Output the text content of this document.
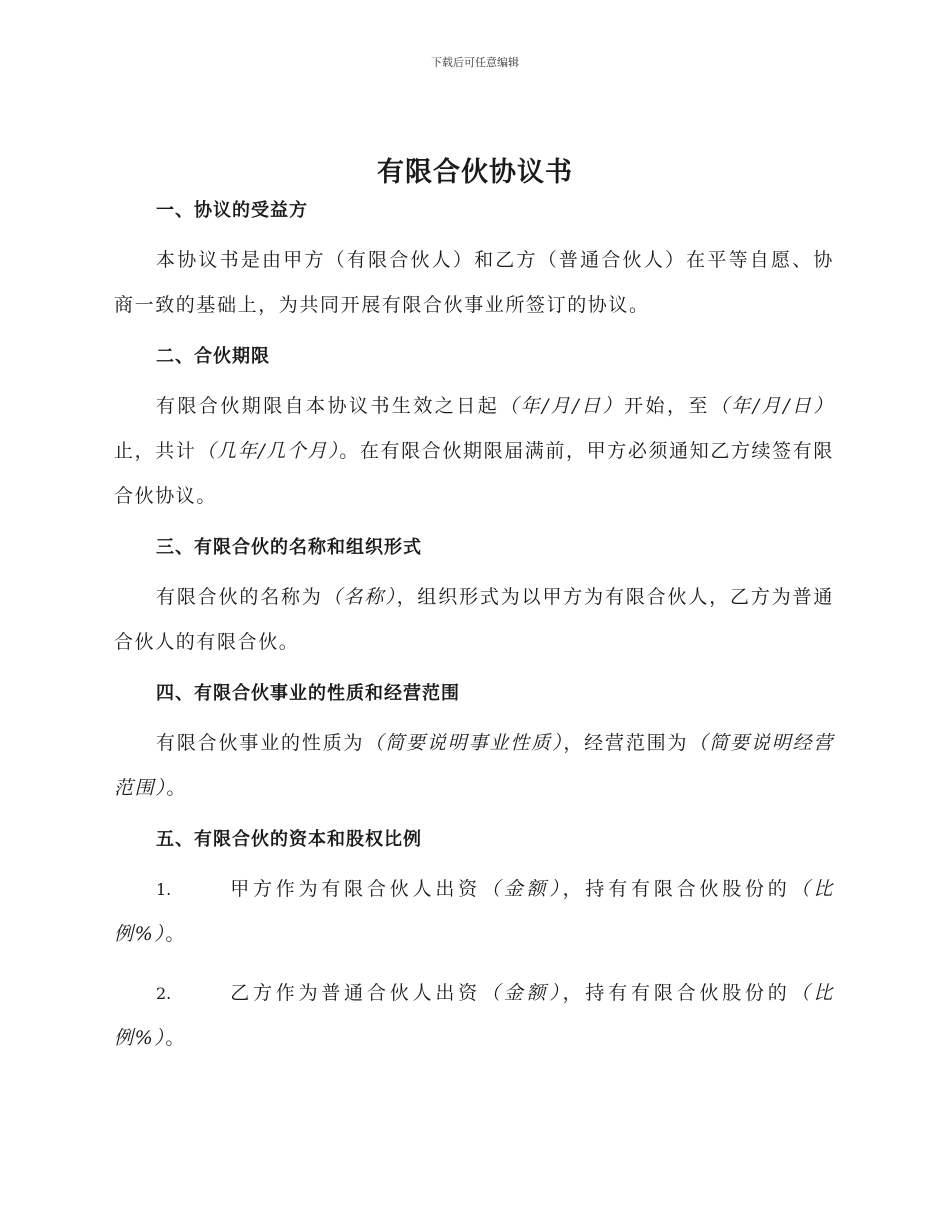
下载后可任意编辑
有限合伙协议书
一、协议的受益方

本协议书是由甲方（有限合伙人）和乙方（普通合伙人）在平等自愿、协商一致的基础上，为共同开展有限合伙事业所签订的协议。

二、合伙期限

有限合伙期限自本协议书生效之日起（年/月/日）开始，至（年/月/日）止，共计（几年/几个月）。在有限合伙期限届满前，甲方必须通知乙方续签有限合伙协议。

三、有限合伙的名称和组织形式

有限合伙的名称为（名称），组织形式为以甲方为有限合伙人，乙方为普通合伙人的有限合伙。

四、有限合伙事业的性质和经营范围

有限合伙事业的性质为（简要说明事业性质），经营范围为（简要说明经营范围）。

五、有限合伙的资本和股权比例

1.	甲方作为有限合伙人出资（金额），持有有限合伙股份的（比例%）。

2.	乙方作为普通合伙人出资（金额），持有有限合伙股份的（比例%）。
